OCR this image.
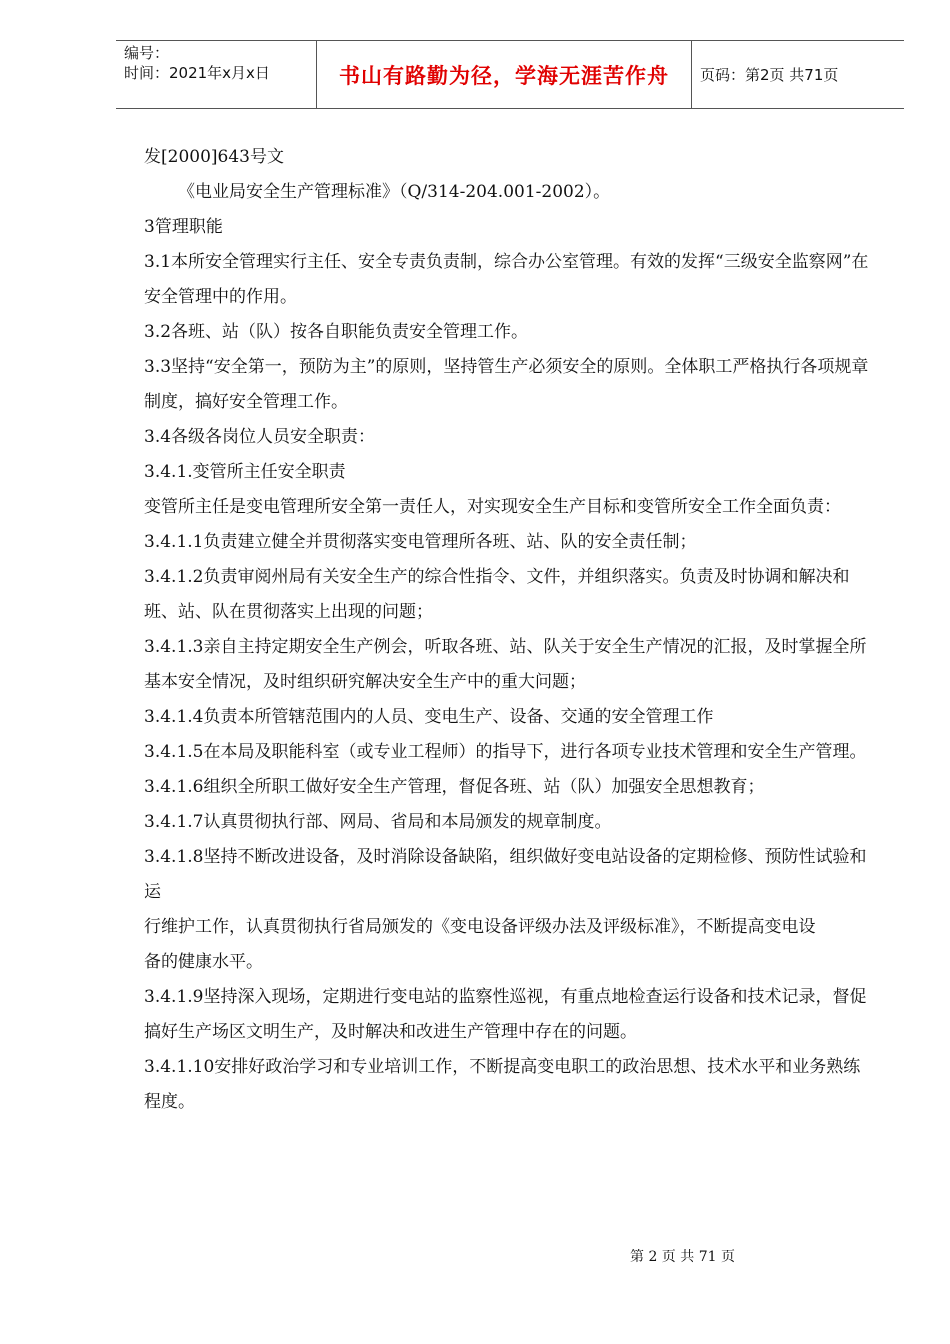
编号：
时间：2021年x月x日	书山有路勤为径，学海无涯苦作舟	页码：第2页 共71页

发[2000]643号文

《电业局安全生产管理标准》（Q/314-204.001-2002）。

3管理职能

3.1本所安全管理实行主任、安全专责负责制，综合办公室管理。有效的发挥“三级安全监察网”在安全管理中的作用。

3.2各班、站（队）按各自职能负责安全管理工作。

3.3坚持“安全第一，预防为主”的原则，坚持管生产必须安全的原则。全体职工严格执行各项规章制度，搞好安全管理工作。

3.4各级各岗位人员安全职责：

3.4.1.变管所主任安全职责

变管所主任是变电管理所安全第一责任人，对实现安全生产目标和变管所安全工作全面负责：

3.4.1.1负责建立健全并贯彻落实变电管理所各班、站、队的安全责任制；

3.4.1.2负责审阅州局有关安全生产的综合性指令、文件，并组织落实。负责及时协调和解决和班、站、队在贯彻落实上出现的问题；

3.4.1.3亲自主持定期安全生产例会，听取各班、站、队关于安全生产情况的汇报，及时掌握全所基本安全情况，及时组织研究解决安全生产中的重大问题；

3.4.1.4负责本所管辖范围内的人员、变电生产、设备、交通的安全管理工作

3.4.1.5在本局及职能科室（或专业工程师）的指导下，进行各项专业技术管理和安全生产管理。

3.4.1.6组织全所职工做好安全生产管理，督促各班、站（队）加强安全思想教育；

3.4.1.7认真贯彻执行部、网局、省局和本局颁发的规章制度。

3.4.1.8坚持不断改进设备，及时消除设备缺陷，组织做好变电站设备的定期检修、预防性试验和运

行维护工作，认真贯彻执行省局颁发的《变电设备评级办法及评级标准》，不断提高变电设

备的健康水平。

3.4.1.9坚持深入现场，定期进行变电站的监察性巡视，有重点地检查运行设备和技术记录，督促搞好生产场区文明生产，及时解决和改进生产管理中存在的问题。

3.4.1.10安排好政治学习和专业培训工作，不断提高变电职工的政治思想、技术水平和业务熟练程度。

第 2 页 共 71 页
